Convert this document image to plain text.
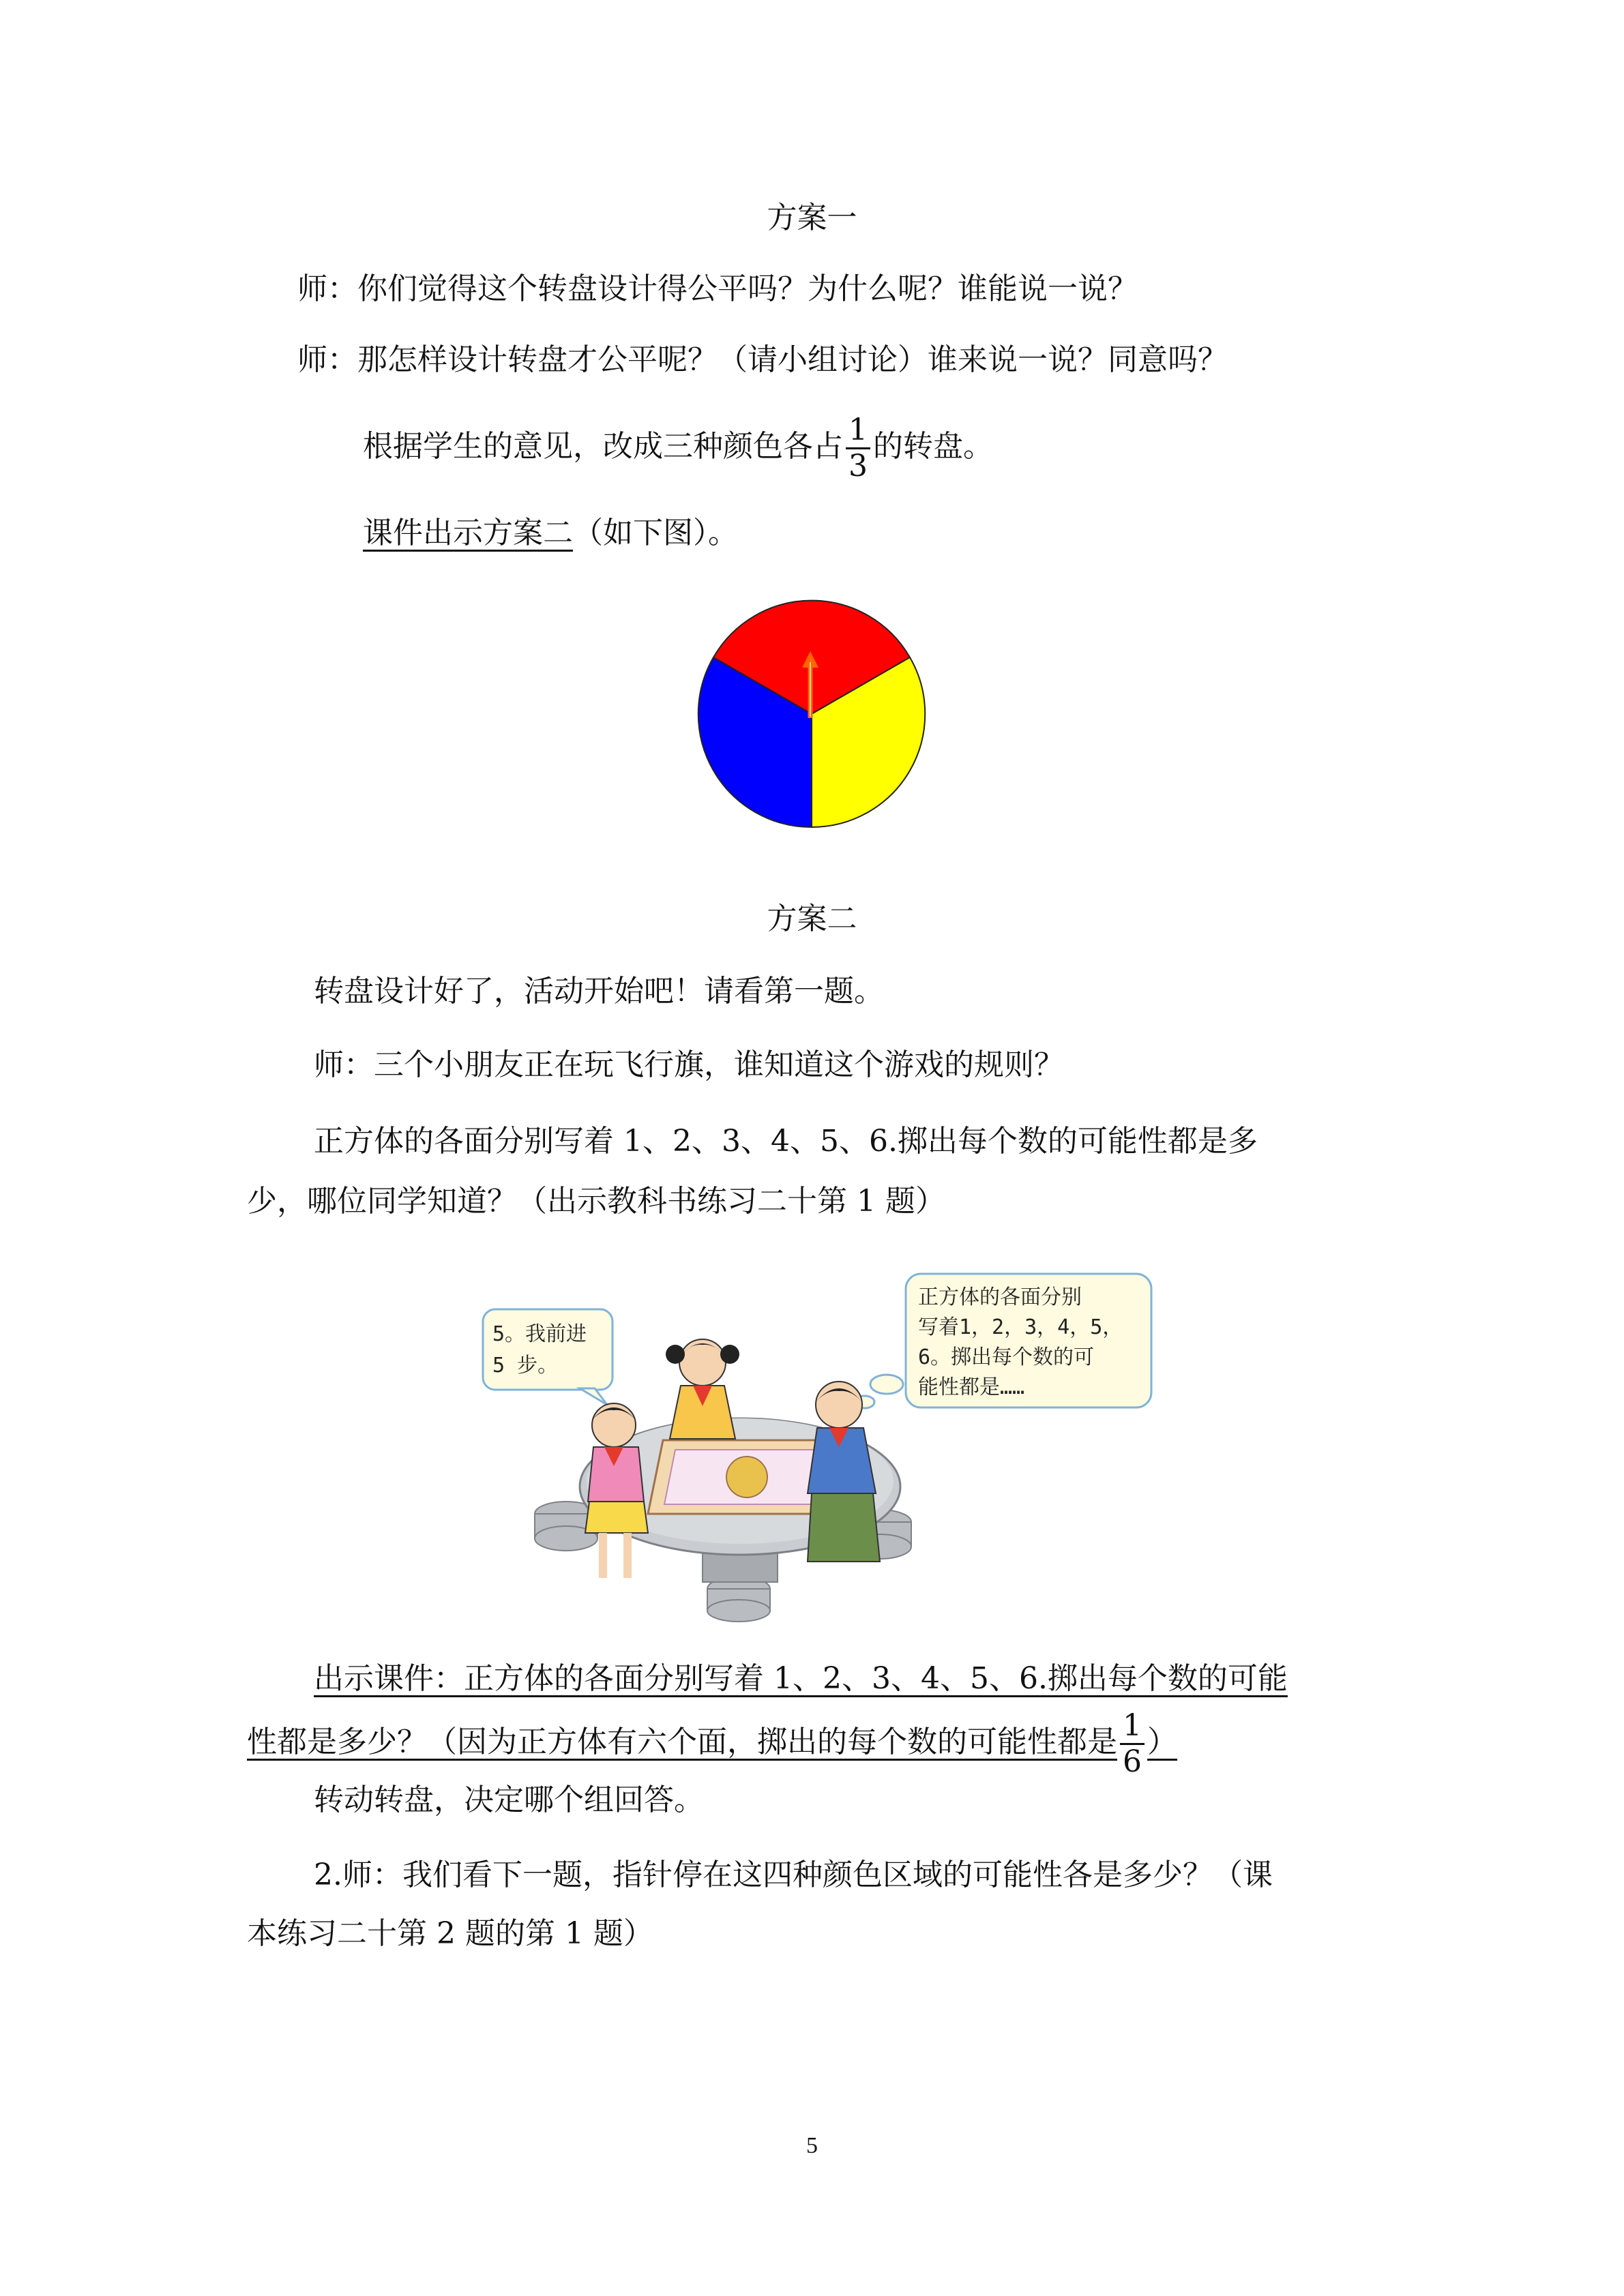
方案一

师：你们觉得这个转盘设计得公平吗？为什么呢？谁能说一说？

师：那怎样设计转盘才公平呢？（请小组讨论）谁来说一说？同意吗？

根据学生的意见，改成三种颜色各占 $\frac{1}{3}$ 的转盘。

课件出示方案二（如下图）。

方案二

转盘设计好了，活动开始吧！请看第一题。

师：三个小朋友正在玩飞行旗，谁知道这个游戏的规则？

正方体的各面分别写着 1、2、3、4、5、6.掷出每个数的可能性都是多

少，哪位同学知道？（出示教科书练习二十第 1 题）

5。我前进
5 步。
正方体的各面分别
写着1，2，3，4，5，
6。掷出每个数的可
能性都是……

出示课件：正方体的各面分别写着 1、2、3、4、5、6.掷出每个数的可能

性都是多少？（因为正方体有六个面，掷出的每个数的可能性都是 $\frac{1}{6}$ ）

转动转盘，决定哪个组回答。

2.师：我们看下一题，指针停在这四种颜色区域的可能性各是多少？（课

本练习二十第 2 题的第 1 题）

5
